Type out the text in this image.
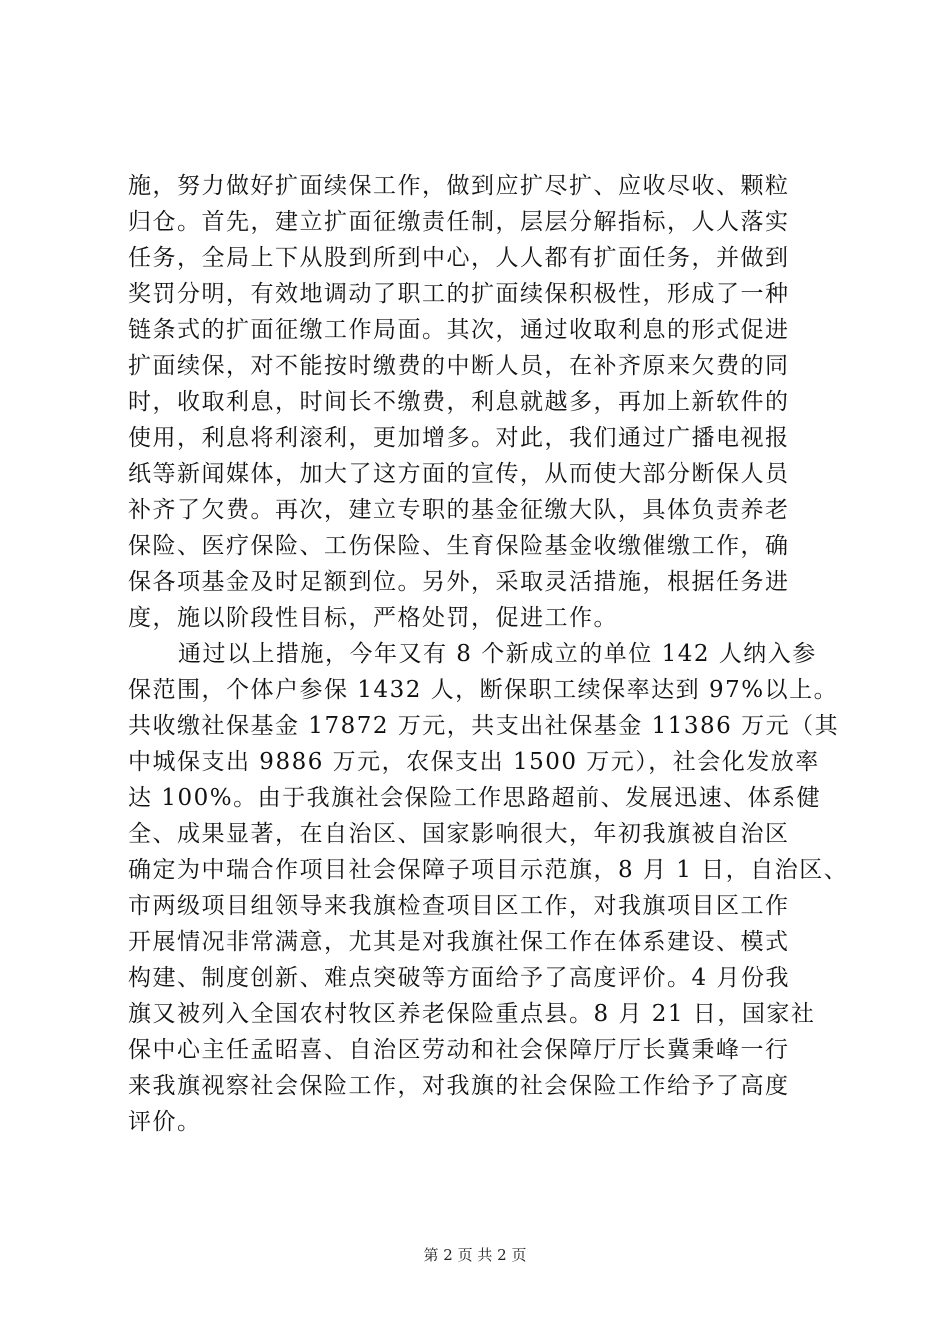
施，努力做好扩面续保工作，做到应扩尽扩、应收尽收、颗粒
归仓。首先，建立扩面征缴责任制，层层分解指标，人人落实
任务，全局上下从股到所到中心，人人都有扩面任务，并做到
奖罚分明，有效地调动了职工的扩面续保积极性，形成了一种
链条式的扩面征缴工作局面。其次，通过收取利息的形式促进
扩面续保，对不能按时缴费的中断人员，在补齐原来欠费的同
时，收取利息，时间长不缴费，利息就越多，再加上新软件的
使用，利息将利滚利，更加增多。对此，我们通过广播电视报
纸等新闻媒体，加大了这方面的宣传，从而使大部分断保人员
补齐了欠费。再次，建立专职的基金征缴大队，具体负责养老
保险、医疗保险、工伤保险、生育保险基金收缴催缴工作，确
保各项基金及时足额到位。另外，采取灵活措施，根据任务进
度，施以阶段性目标，严格处罚，促进工作。
通过以上措施，今年又有 8 个新成立的单位 142 人纳入参
保范围，个体户参保 1432 人，断保职工续保率达到 97%以上。
共收缴社保基金 17872 万元，共支出社保基金 11386 万元（其
中城保支出 9886 万元，农保支出 1500 万元），社会化发放率
达 100%。由于我旗社会保险工作思路超前、发展迅速、体系健
全、成果显著，在自治区、国家影响很大，年初我旗被自治区
确定为中瑞合作项目社会保障子项目示范旗，8 月 1 日，自治区、
市两级项目组领导来我旗检查项目区工作，对我旗项目区工作
开展情况非常满意，尤其是对我旗社保工作在体系建设、模式
构建、制度创新、难点突破等方面给予了高度评价。4 月份我
旗又被列入全国农村牧区养老保险重点县。8 月 21 日，国家社
保中心主任孟昭喜、自治区劳动和社会保障厅厅长冀秉峰一行
来我旗视察社会保险工作，对我旗的社会保险工作给予了高度
评价。
第 2 页 共 2 页
